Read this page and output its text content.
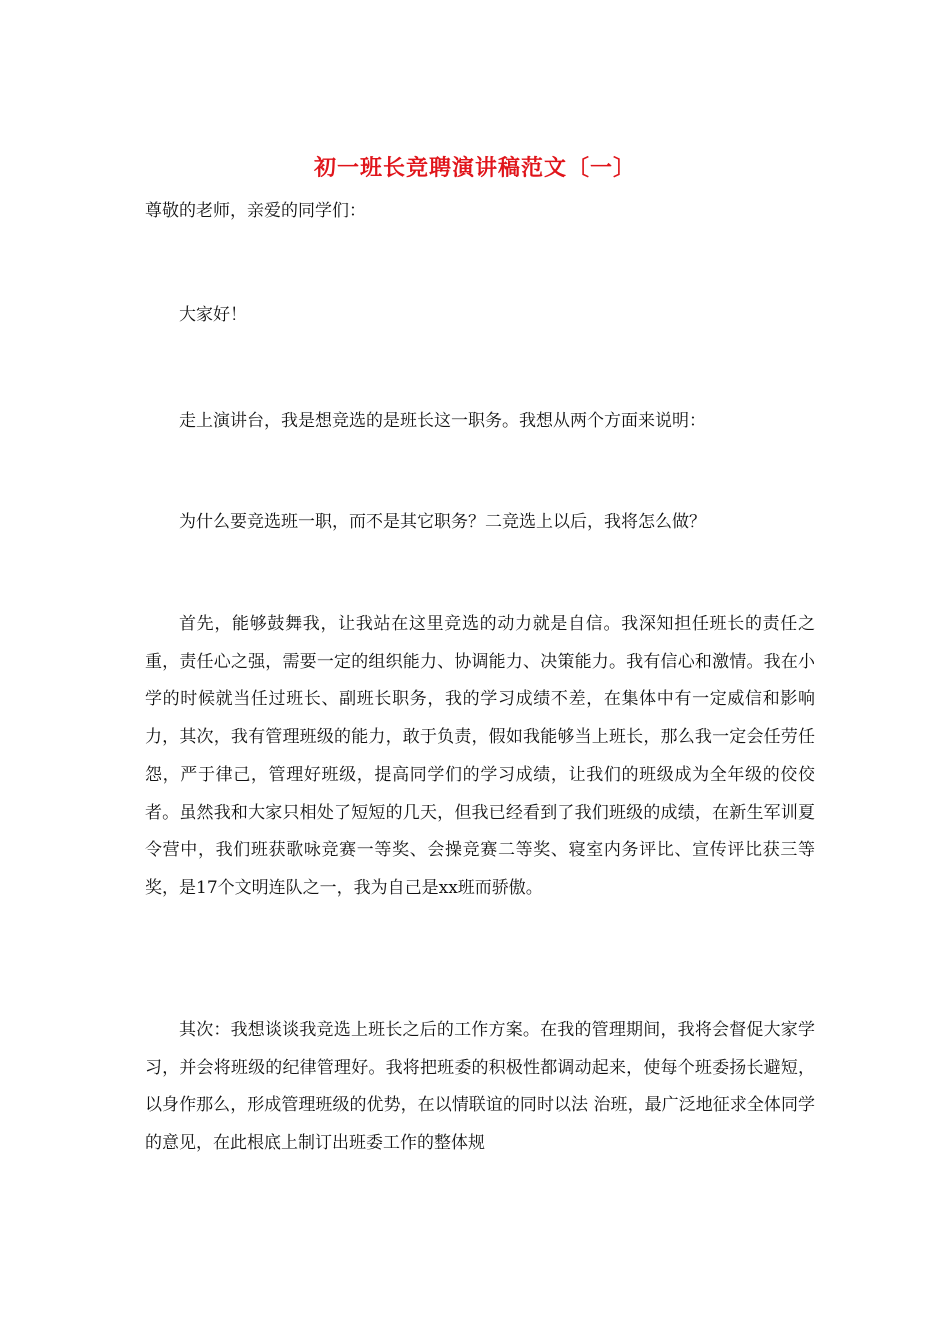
初一班长竞聘演讲稿范文〔一〕
尊敬的老师，亲爱的同学们：
大家好！
走上演讲台，我是想竞选的是班长这一职务。我想从两个方面来说明：
为什么要竞选班一职，而不是其它职务？二竞选上以后，我将怎么做？
首先，能够鼓舞我，让我站在这里竞选的动力就是自信。我深知担任班长的责任之重，责任心之强，需要一定的组织能力、协调能力、决策能力。我有信心和激情。我在小学的时候就当任过班长、副班长职务，我的学习成绩不差，在集体中有一定威信和影响力，其次，我有管理班级的能力，敢于负责，假如我能够当上班长，那么我一定会任劳任怨，严于律己，管理好班级，提高同学们的学习成绩，让我们的班级成为全年级的佼佼者。虽然我和大家只相处了短短的几天，但我已经看到了我们班级的成绩，在新生军训夏令营中，我们班获歌咏竞赛一等奖、会操竞赛二等奖、寝室内务评比、宣传评比获三等奖，是17个文明连队之一，我为自己是xx班而骄傲。
其次：我想谈谈我竞选上班长之后的工作方案。在我的管理期间，我将会督促大家学习，并会将班级的纪律管理好。我将把班委的积极性都调动起来，使每个班委扬长避短，以身作那么，形成管理班级的优势，在以情联谊的同时以法 治班，最广泛地征求全体同学的意见，在此根底上制订出班委工作的整体规
